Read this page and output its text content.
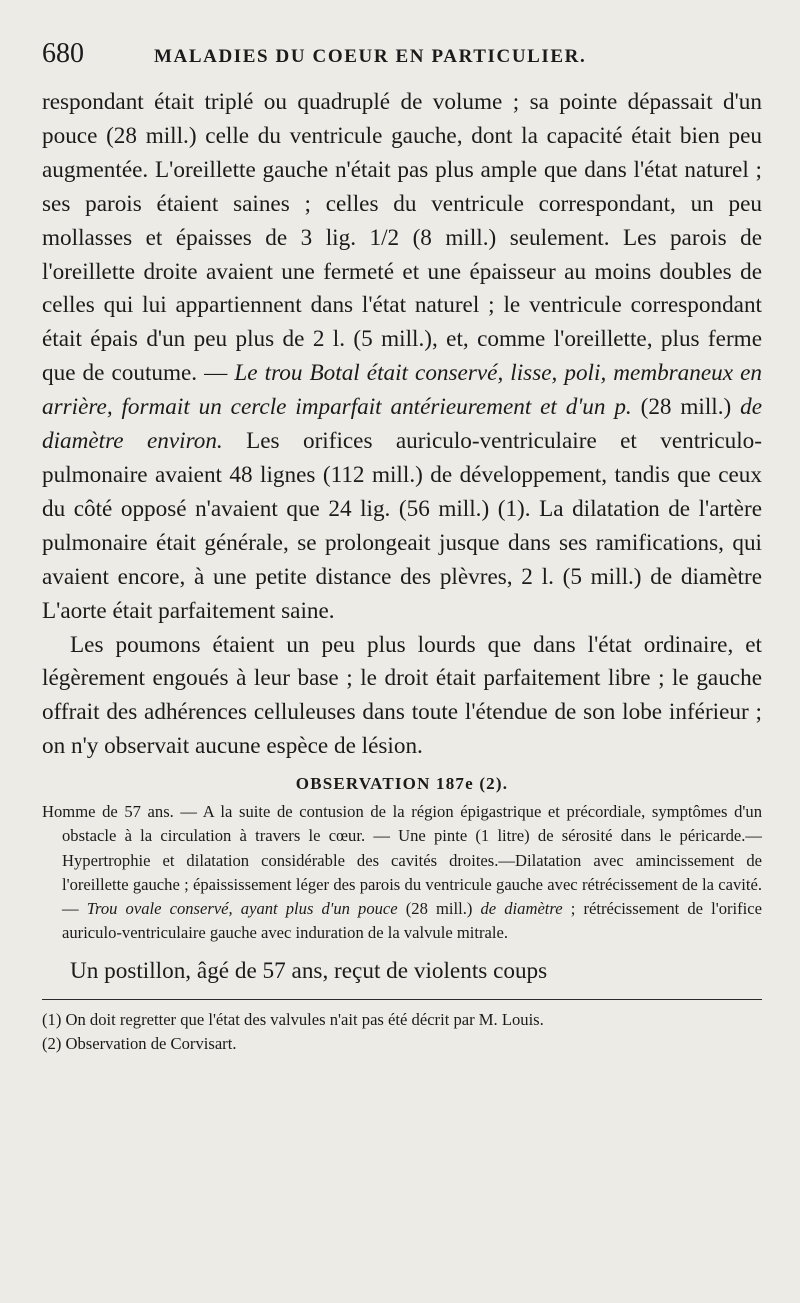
680	MALADIES DU COEUR EN PARTICULIER.

respondant était triplé ou quadruplé de volume ; sa pointe dépassait d'un pouce (28 mill.) celle du ventricule gauche, dont la capacité était bien peu augmentée. L'oreillette gauche n'était pas plus ample que dans l'état naturel ; ses parois étaient saines ; celles du ventricule correspondant, un peu mollasses et épaisses de 3 lig. 1/2 (8 mill.) seulement. Les parois de l'oreillette droite avaient une fermeté et une épaisseur au moins doubles de celles qui lui appartiennent dans l'état naturel ; le ventricule correspondant était épais d'un peu plus de 2 l. (5 mill.), et, comme l'oreillette, plus ferme que de coutume. — Le trou Botal était conservé, lisse, poli, membraneux en arrière, formait un cercle imparfait antérieurement et d'un p. (28 mill.) de diamètre environ. Les orifices auriculo-ventriculaire et ventriculo-pulmonaire avaient 48 lignes (112 mill.) de développement, tandis que ceux du côté opposé n'avaient que 24 lig. (56 mill.) (1). La dilatation de l'artère pulmonaire était générale, se prolongeait jusque dans ses ramifications, qui avaient encore, à une petite distance des plèvres, 2 l. (5 mill.) de diamètre L'aorte était parfaitement saine.

Les poumons étaient un peu plus lourds que dans l'état ordinaire, et légèrement engoués à leur base ; le droit était parfaitement libre ; le gauche offrait des adhérences celluleuses dans toute l'étendue de son lobe inférieur ; on n'y observait aucune espèce de lésion.

OBSERVATION 187e (2).

Homme de 57 ans. — A la suite de contusion de la région épigastrique et précordiale, symptômes d'un obstacle à la circulation à travers le cœur. — Une pinte (1 litre) de sérosité dans le péricarde.—Hypertrophie et dilatation considérable des cavités droites.—Dilatation avec amincissement de l'oreillette gauche ; épaississement léger des parois du ventricule gauche avec rétrécissement de la cavité. — Trou ovale conservé, ayant plus d'un pouce (28 mill.) de diamètre ; rétrécissement de l'orifice auriculo-ventriculaire gauche avec induration de la valvule mitrale.

Un postillon, âgé de 57 ans, reçut de violents coups

(1) On doit regretter que l'état des valvules n'ait pas été décrit par M. Louis.

(2) Observation de Corvisart.
